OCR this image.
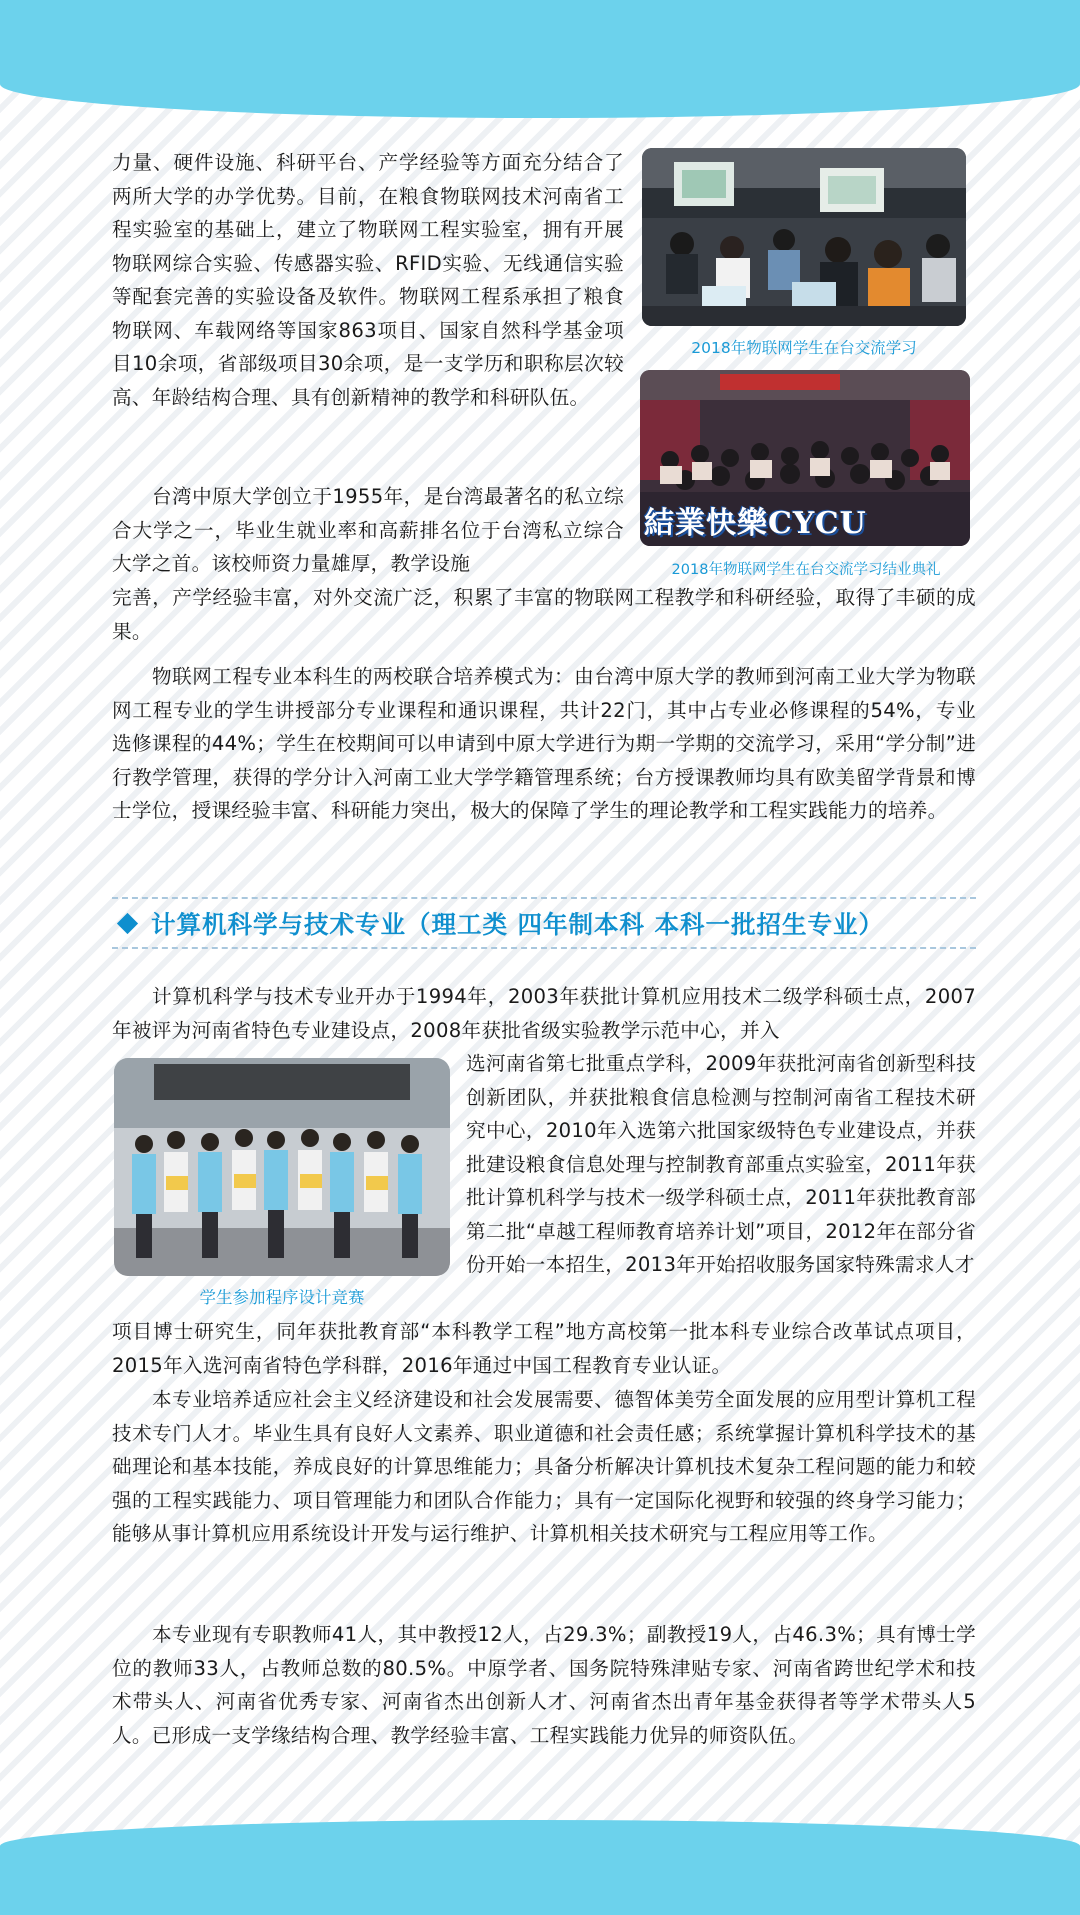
力量、硬件设施、科研平台、产学经验等方面充分结合了两所大学的办学优势。目前，在粮食物联网技术河南省工程实验室的基础上，建立了物联网工程实验室，拥有开展物联网综合实验、传感器实验、RFID实验、无线通信实验等配套完善的实验设备及软件。物联网工程系承担了粮食物联网、车载网络等国家863项目、国家自然科学基金项目10余项，省部级项目30余项，是一支学历和职称层次较高、年龄结构合理、具有创新精神的教学和科研队伍。

2018年物联网学生在台交流学习

結業快樂CYCU

2018年物联网学生在台交流学习结业典礼

台湾中原大学创立于1955年，是台湾最著名的私立综合大学之一，毕业生就业率和高薪排名位于台湾私立综合大学之首。该校师资力量雄厚，教学设施

完善，产学经验丰富，对外交流广泛，积累了丰富的物联网工程教学和科研经验，取得了丰硕的成果。

物联网工程专业本科生的两校联合培养模式为：由台湾中原大学的教师到河南工业大学为物联网工程专业的学生讲授部分专业课程和通识课程，共计22门，其中占专业必修课程的54%，专业选修课程的44%；学生在校期间可以申请到中原大学进行为期一学期的交流学习，采用“学分制”进行教学管理，获得的学分计入河南工业大学学籍管理系统；台方授课教师均具有欧美留学背景和博士学位，授课经验丰富、科研能力突出，极大的保障了学生的理论教学和工程实践能力的培养。

计算机科学与技术专业（理工类 四年制本科 本科一批招生专业）

计算机科学与技术专业开办于1994年，2003年获批计算机应用技术二级学科硕士点，2007年被评为河南省特色专业建设点，2008年获批省级实验教学示范中心，并入

学生参加程序设计竞赛

选河南省第七批重点学科，2009年获批河南省创新型科技创新团队，并获批粮食信息检测与控制河南省工程技术研究中心，2010年入选第六批国家级特色专业建设点，并获批建设粮食信息处理与控制教育部重点实验室，2011年获批计算机科学与技术一级学科硕士点，2011年获批教育部第二批“卓越工程师教育培养计划”项目，2012年在部分省份开始一本招生，2013年开始招收服务国家特殊需求人才

项目博士研究生，同年获批教育部“本科教学工程”地方高校第一批本科专业综合改革试点项目，2015年入选河南省特色学科群，2016年通过中国工程教育专业认证。

本专业培养适应社会主义经济建设和社会发展需要、德智体美劳全面发展的应用型计算机工程技术专门人才。毕业生具有良好人文素养、职业道德和社会责任感；系统掌握计算机科学技术的基础理论和基本技能，养成良好的计算思维能力；具备分析解决计算机技术复杂工程问题的能力和较强的工程实践能力、项目管理能力和团队合作能力；具有一定国际化视野和较强的终身学习能力；能够从事计算机应用系统设计开发与运行维护、计算机相关技术研究与工程应用等工作。

本专业现有专职教师41人，其中教授12人，占29.3%；副教授19人，占46.3%；具有博士学位的教师33人，占教师总数的80.5%。中原学者、国务院特殊津贴专家、河南省跨世纪学术和技术带头人、河南省优秀专家、河南省杰出创新人才、河南省杰出青年基金获得者等学术带头人5人。已形成一支学缘结构合理、教学经验丰富、工程实践能力优异的师资队伍。
